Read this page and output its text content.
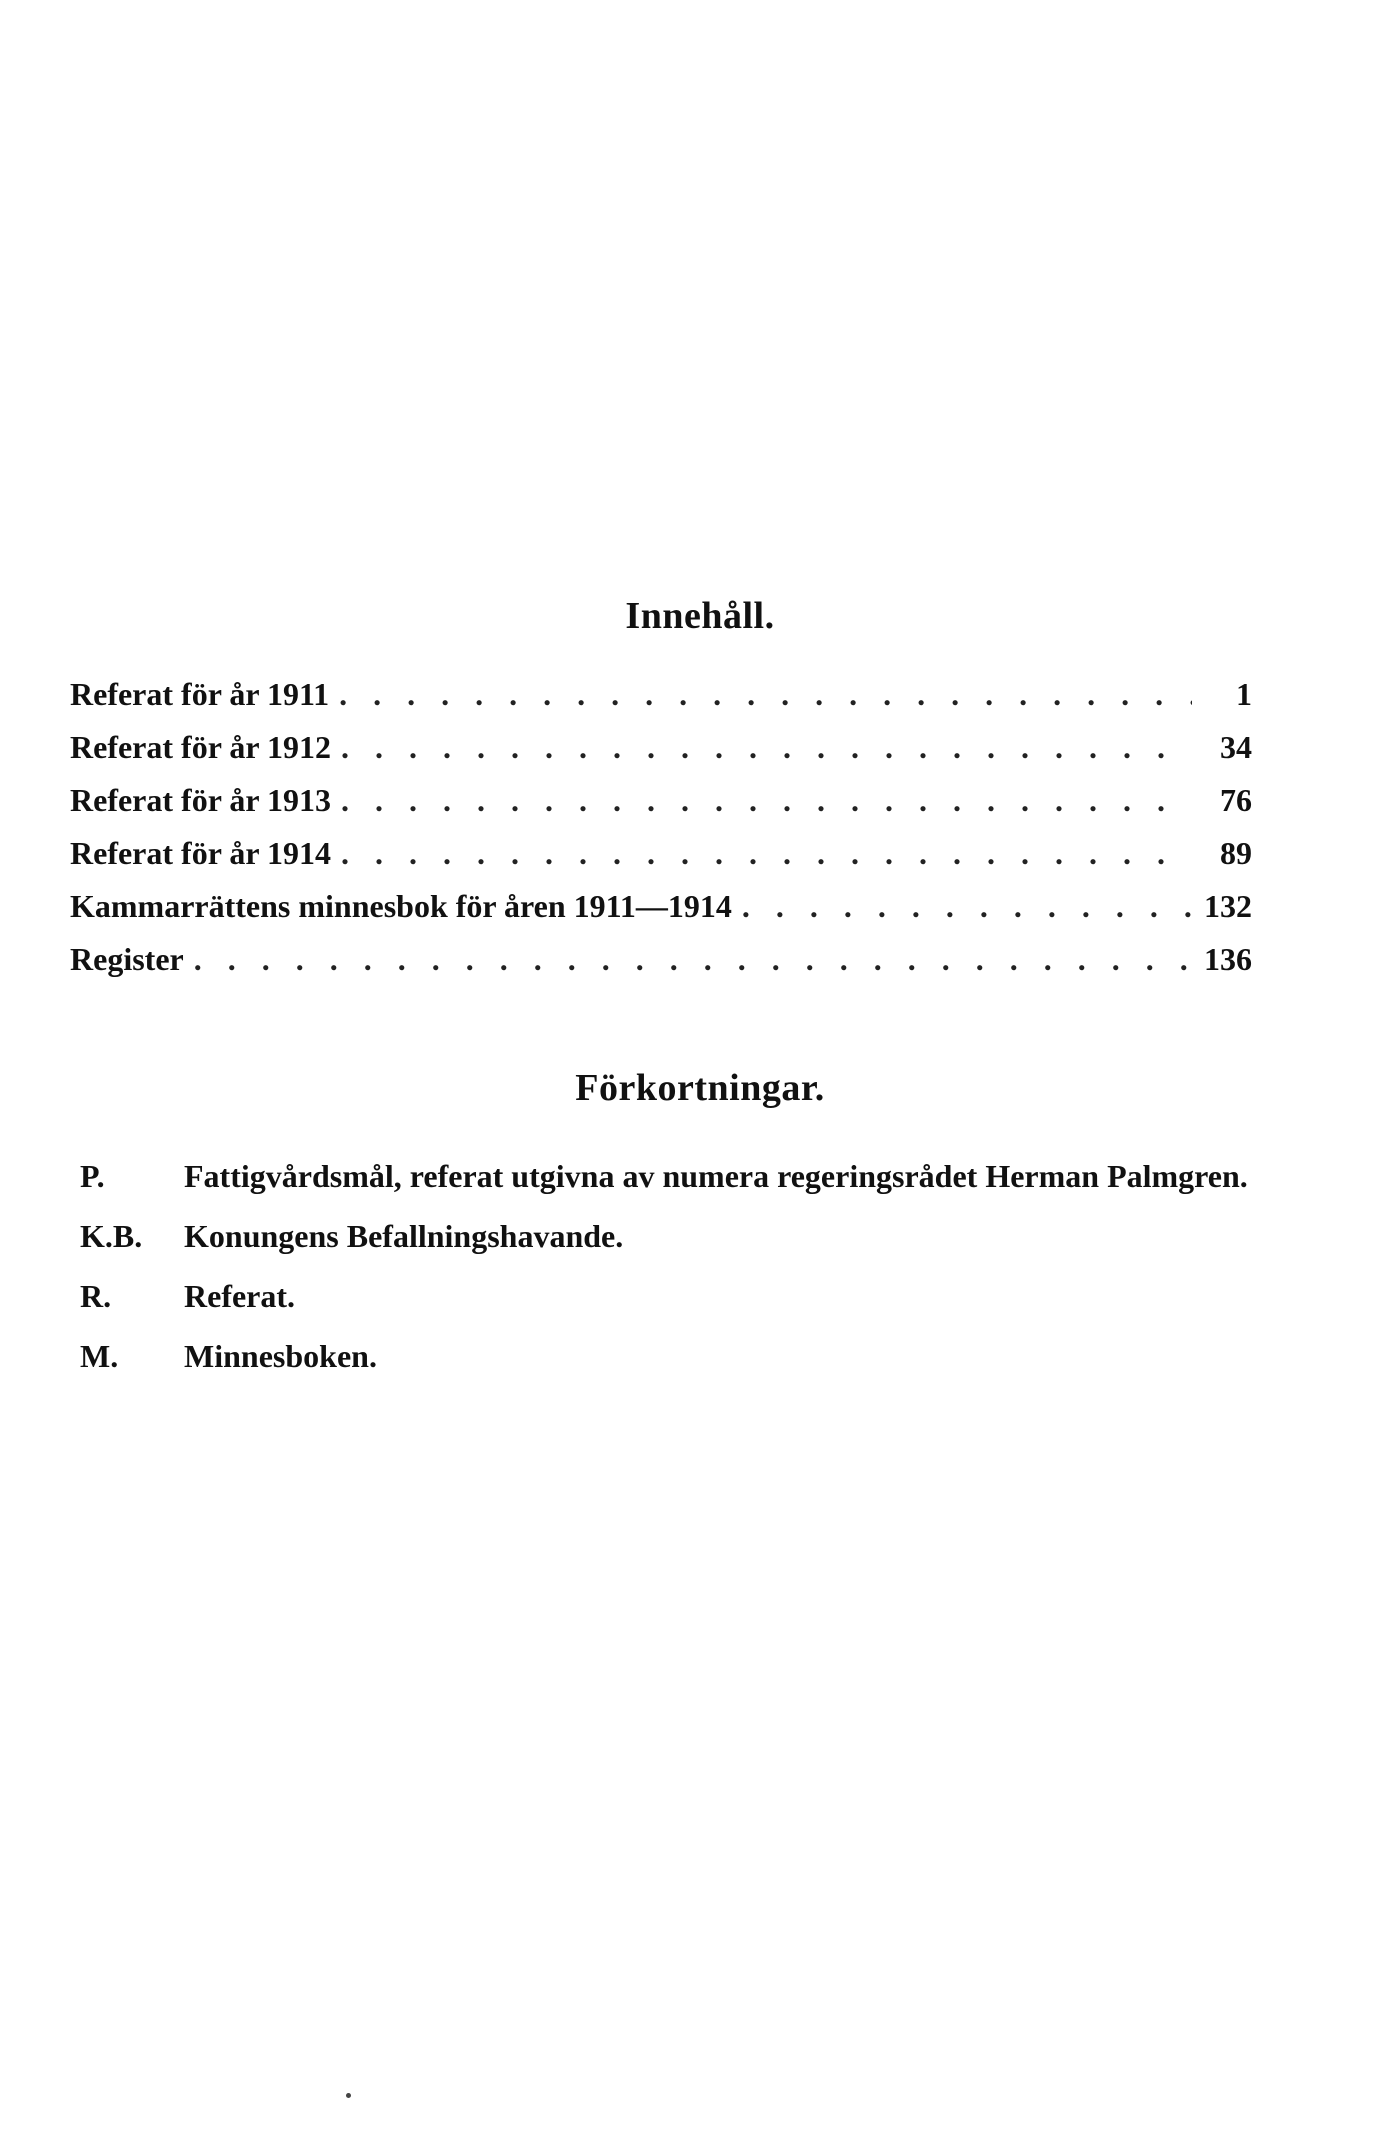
Innehåll.
Referat för år 1911 . . .	1
Referat för år 1912 . . .	34
Referat för år 1913 . . .	76
Referat för år 1914 . . .	89
Kammarrättens minnesbok för åren 1911—1914 . . .	132
Register . . .	136
Förkortningar.
P.	Fattigvårdsmål, referat utgivna av numera regeringsrådet Herman Palmgren.
K.B.	Konungens Befallningshavande.
R.	Referat.
M.	Minnesboken.
